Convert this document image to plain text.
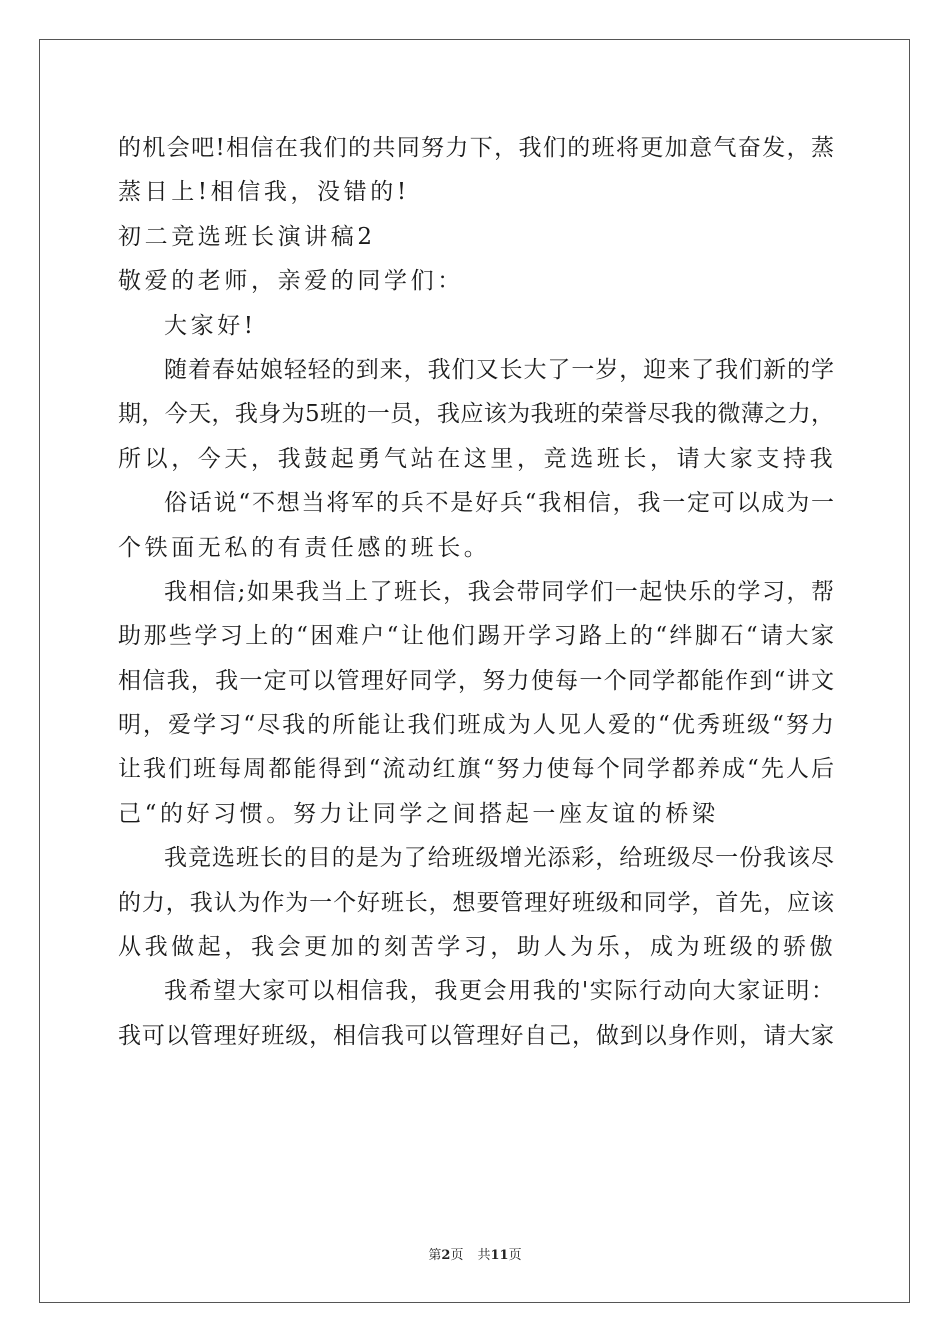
的机会吧!相信在我们的共同努力下，我们的班将更加意气奋发，蒸

蒸日上!相信我，没错的!

初二竞选班长演讲稿2

敬爱的老师，亲爱的同学们：

大家好!

随着春姑娘轻轻的到来，我们又长大了一岁，迎来了我们新的学

期，今天，我身为5班的一员，我应该为我班的荣誉尽我的微薄之力，

所以，今天，我鼓起勇气站在这里，竞选班长，请大家支持我

俗话说“不想当将军的兵不是好兵“我相信，我一定可以成为一

个铁面无私的有责任感的班长。

我相信;如果我当上了班长，我会带同学们一起快乐的学习，帮

助那些学习上的“困难户“让他们踢开学习路上的“绊脚石“请大家

相信我，我一定可以管理好同学，努力使每一个同学都能作到“讲文

明，爱学习“尽我的所能让我们班成为人见人爱的“优秀班级“努力

让我们班每周都能得到“流动红旗“努力使每个同学都养成“先人后

己“的好习惯。努力让同学之间搭起一座友谊的桥梁

我竞选班长的目的是为了给班级增光添彩，给班级尽一份我该尽

的力，我认为作为一个好班长，想要管理好班级和同学，首先，应该

从我做起，我会更加的刻苦学习，助人为乐，成为班级的骄傲

我希望大家可以相信我，我更会用我的'实际行动向大家证明：

我可以管理好班级，相信我可以管理好自己，做到以身作则，请大家

第2页 共11页
